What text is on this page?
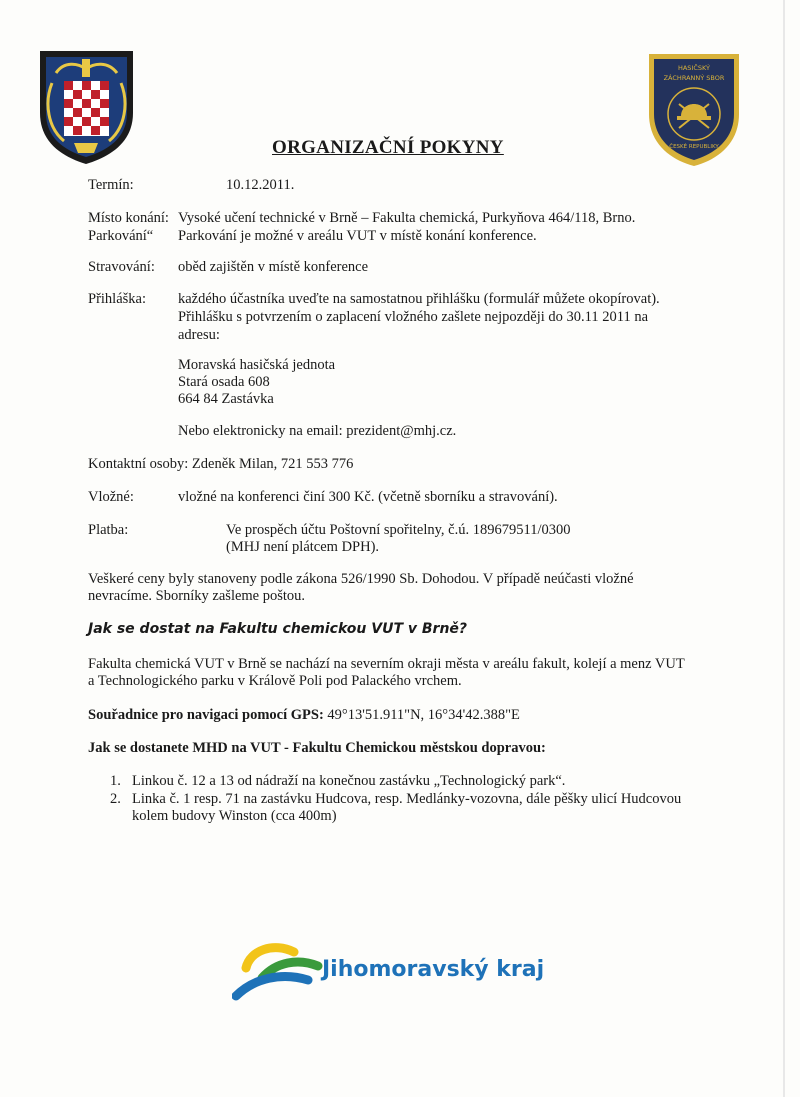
HASIČSKÝ
ZÁCHRANNÝ SBOR
ČESKÉ REPUBLIKY
ORGANIZAČNÍ POKYNY
Termín:	10.12.2011.
Místo konání: Vysoké učení technické v Brně – Fakulta chemická, Purkyňova 464/118, Brno.
Parkování“ Parkování je možné v areálu VUT v místě konání konference.
Stravování: oběd zajištěn v místě konference
Přihláška: každého účastníka uveďte na samostatnou přihlášku (formulář můžete okopírovat).
Přihlášku s potvrzením o zaplacení vložného zašlete nejpozději do 30.11 2011 na
adresu:
Moravská hasičská jednota
Stará osada 608
664 84 Zastávka
Nebo elektronicky na email: prezident@mhj.cz.
Kontaktní osoby: Zdeněk Milan, 721 553 776
Vložné:	vložné na konferenci činí 300 Kč. (včetně sborníku a stravování).
Platba:	Ve prospěch účtu Poštovní spořitelny, č.ú. 189679511/0300
(MHJ není plátcem DPH).
Veškeré ceny byly stanoveny podle zákona 526/1990 Sb. Dohodou. V případě neúčasti vložné
nevracíme. Sborníky zašleme poštou.
Jak se dostat na Fakultu chemickou VUT v Brně?
Fakulta chemická VUT v Brně se nachází na severním okraji města v areálu fakult, kolejí a menz VUT
a Technologického parku v Králově Poli pod Palackého vrchem.
Souřadnice pro navigaci pomocí GPS: 49°13'51.911"N, 16°34'42.388"E
Jak se dostanete MHD na VUT - Fakultu Chemickou městskou dopravou:
1. Linkou č. 12 a 13 od nádraží na konečnou zastávku „Technologický park“.
2. Linka č. 1 resp. 71 na zastávku Hudcova, resp. Medlánky-vozovna, dále pěšky ulicí Hudcovou
kolem budovy Winston (cca 400m)
Jihomoravský kraj
